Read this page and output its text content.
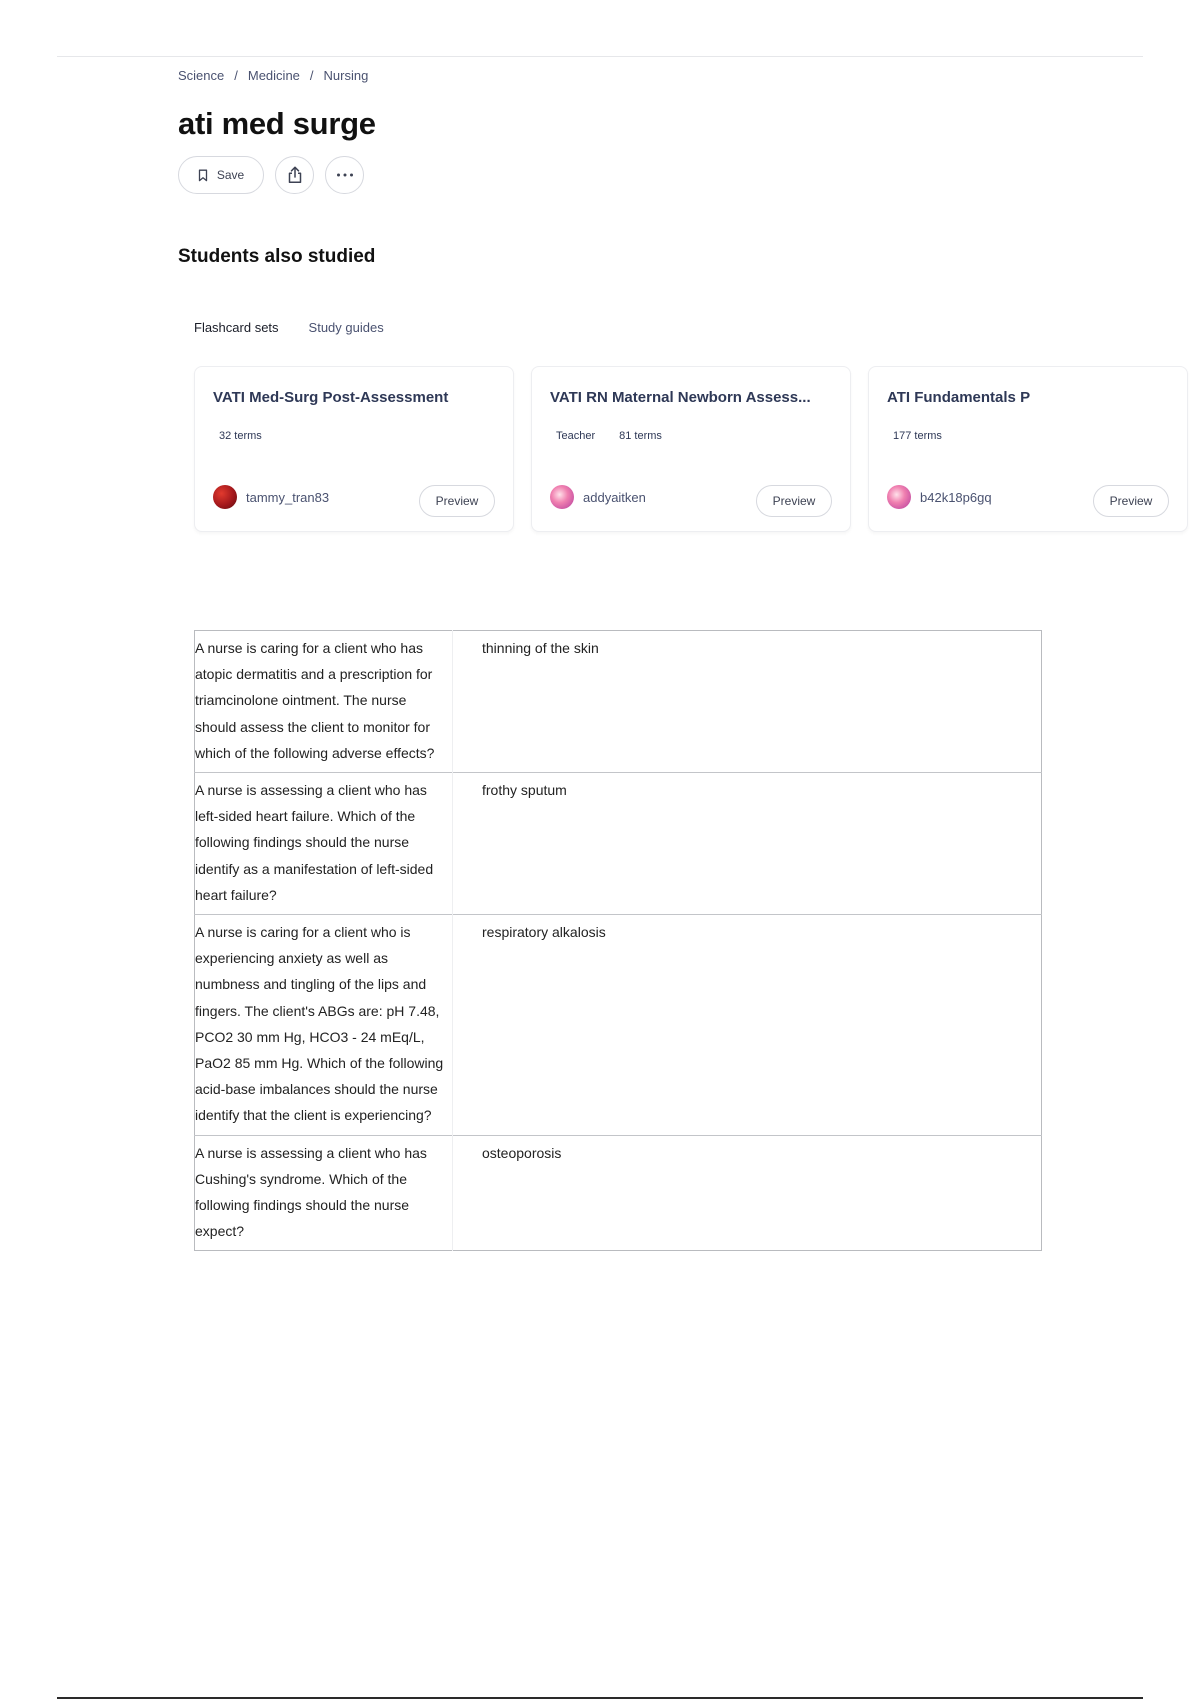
Science / Medicine / Nursing
ati med surge
Save
Students also studied
Flashcard sets Study guides

VATI Med-Surg Post-Assessment

32 terms
tammy_tran83	Preview

VATI RN Maternal Newborn Assess...

Teacher 81 terms
addyaitken	Preview

ATI Fundamentals P

177 terms
b42k18p6gq	Preview
A nurse is caring for a client who has atopic dermatitis and a prescription for triamcinolone ointment. The nurse should assess the client to monitor for which of the following adverse effects?	thinning of the skin
A nurse is assessing a client who has left-sided heart failure. Which of the following findings should the nurse identify as a manifestation of left-sided heart failure?	frothy sputum
A nurse is caring for a client who is experiencing anxiety as well as numbness and tingling of the lips and fingers. The client's ABGs are: pH 7.48, PCO2 30 mm Hg, HCO3 - 24 mEq/L, PaO2 85 mm Hg. Which of the following acid-base imbalances should the nurse identify that the client is experiencing?	respiratory alkalosis
A nurse is assessing a client who has Cushing's syndrome. Which of the following findings should the nurse expect?	osteoporosis
